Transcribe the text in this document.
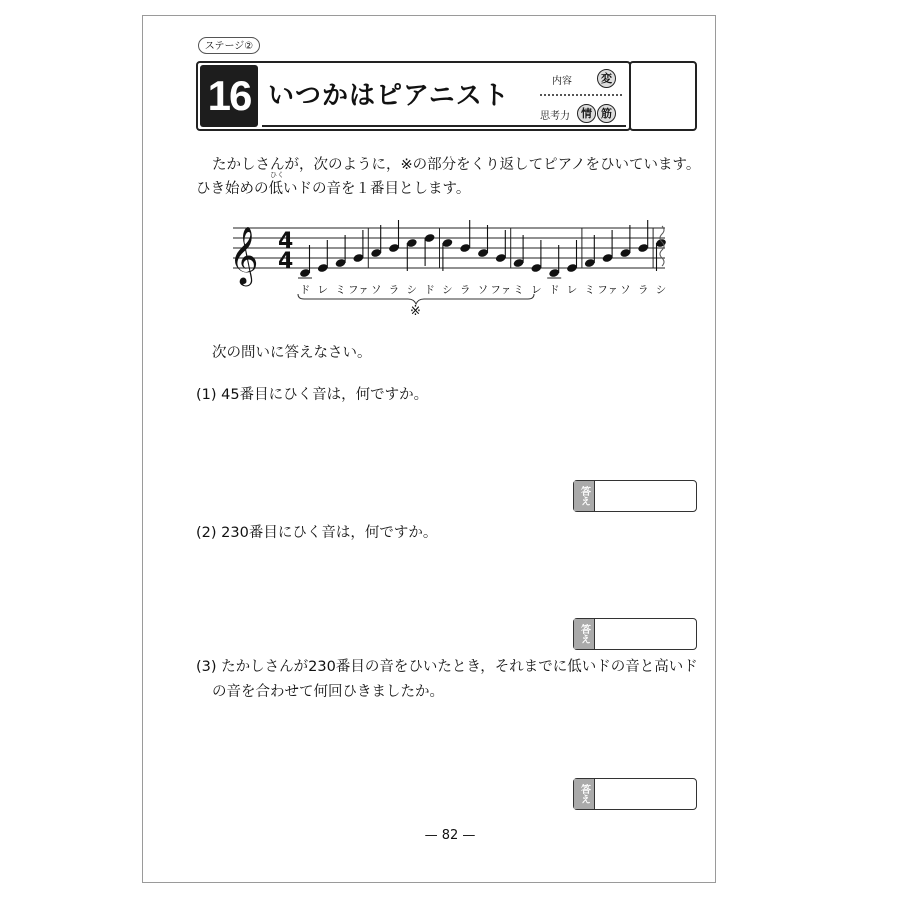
ステージ②
16 いつかはピアニスト	内容	変
思考力	情 筋
たかしさんが，次のように，※の部分をくり返してピアノをひいています。
ひく
ひき始めの低いドの音を１番目とします。
𝄞 4
4
ド レ ミ ファ ソ ラ シ ド シ ラ ソ ファ ミ レ ド レ ミ ファ ソ ラ シ
※
次の問いに答えなさい。
(1) 45番目にひく音は，何ですか。
答え
(2) 230番目にひく音は，何ですか。
答え
(3) たかしさんが230番目の音をひいたとき，それまでに低いドの音と高いド
の音を合わせて何回ひきましたか。
答え
— 82 —
